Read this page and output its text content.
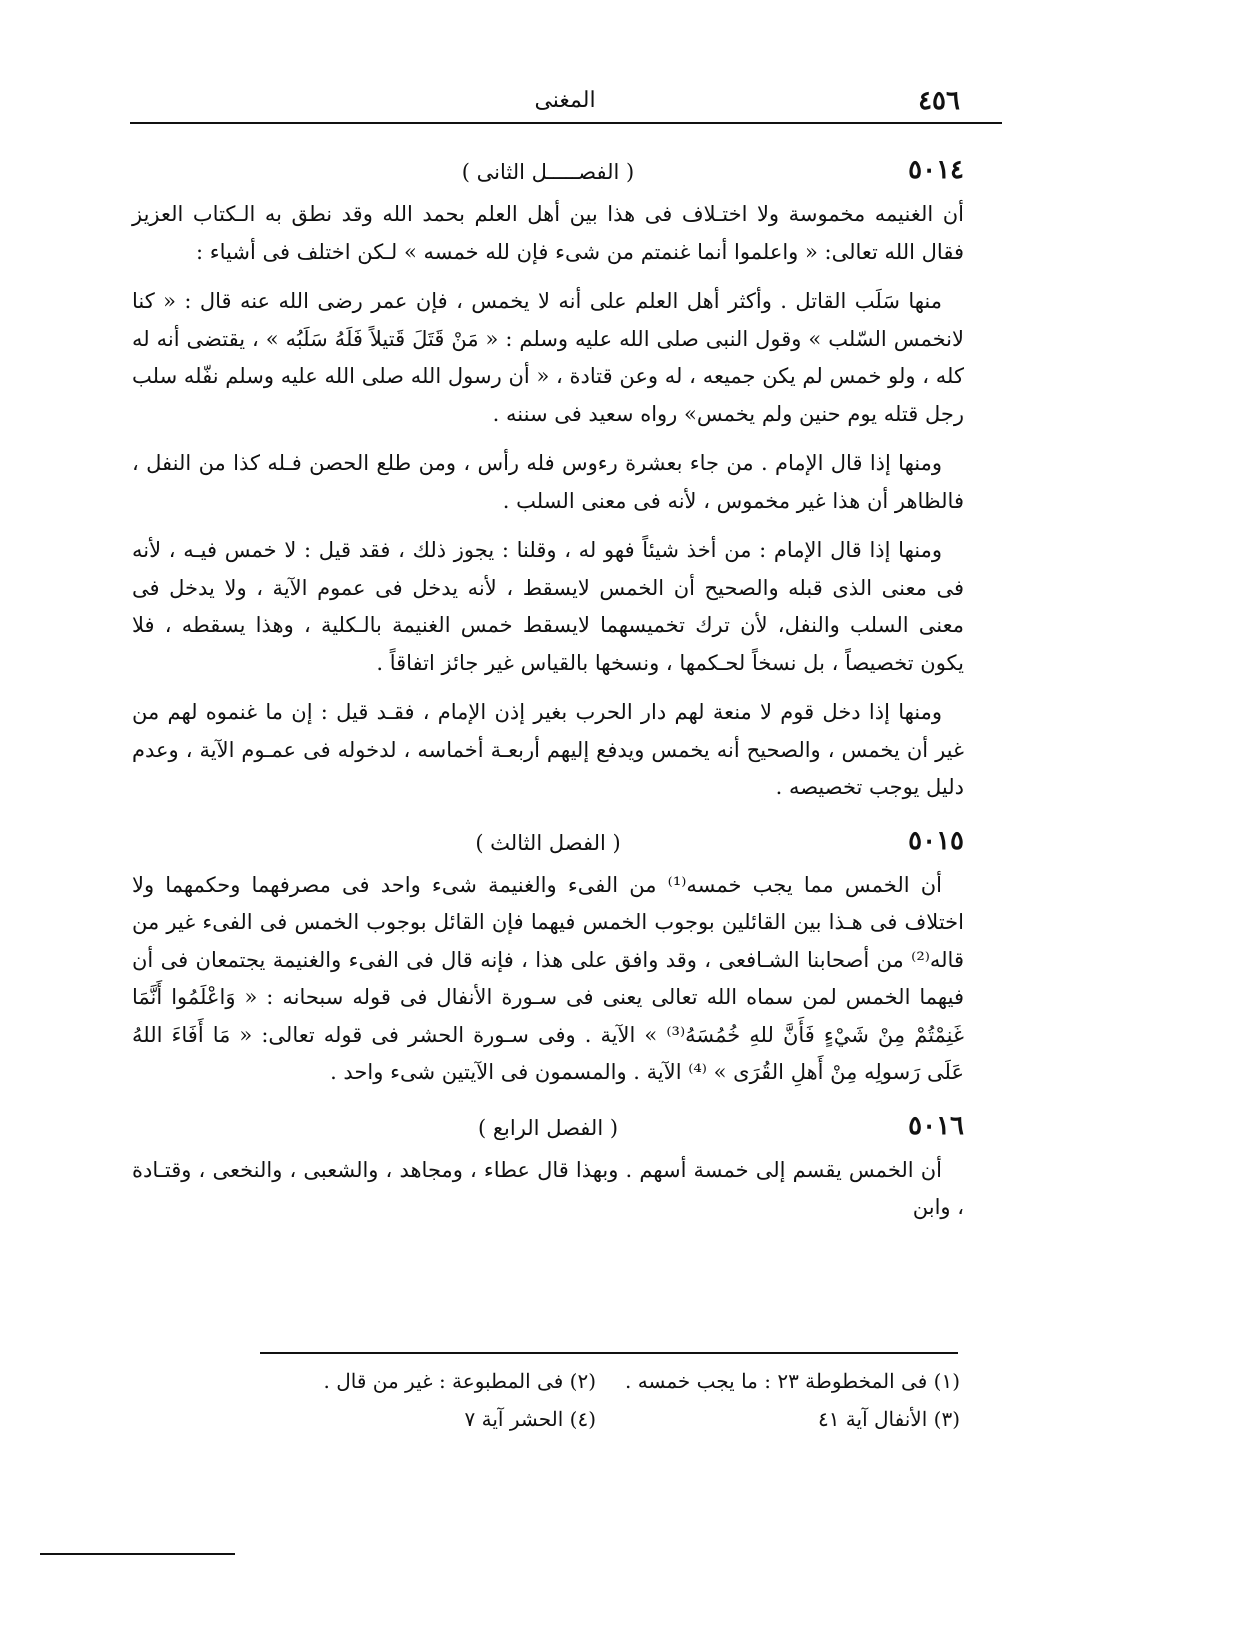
٤٥٦
المغنى
٥٠١٤
( الفصـــــل الثانى )

أن الغنيمه مخموسة ولا اختـلاف فى هذا بين أهل العلم بحمد الله وقد نطق به الـكتاب العزيز فقال الله تعالى: « واعلموا أنما غنمتم من شىء فإن لله خمسه » لـكن اختلف فى أشياء :

منها سَلَب القاتل . وأكثر أهل العلم على أنه لا يخمس ، فإن عمر رضى الله عنه قال : « كنا لانخمس السّلب » وقول النبى صلى الله عليه وسلم : « مَنْ قَتَلَ قَتيلاً فَلَهُ سَلَبُه » ، يقتضى أنه له كله ، ولو خمس لم يكن جميعه ، له وعن قتادة ، « أن رسول الله صلى الله عليه وسلم نفّله سلب رجل قتله يوم حنين ولم يخمس» رواه سعيد فى سننه .

ومنها إذا قال الإمام . من جاء بعشرة رءوس فله رأس ، ومن طلع الحصن فـله كذا من النفل ، فالظاهر أن هذا غير مخموس ، لأنه فى معنى السلب .

ومنها إذا قال الإمام : من أخذ شيئاً فهو له ، وقلنا : يجوز ذلك ، فقد قيل : لا خمس فيـه ، لأنه فى معنى الذى قبله والصحيح أن الخمس لايسقط ، لأنه يدخل فى عموم الآية ، ولا يدخل فى معنى السلب والنفل، لأن ترك تخميسهما لايسقط خمس الغنيمة بالـكلية ، وهذا يسقطه ، فلا يكون تخصيصاً ، بل نسخاً لحـكمها ، ونسخها بالقياس غير جائز اتفاقاً .

ومنها إذا دخل قوم لا منعة لهم دار الحرب بغير إذن الإمام ، فقـد قيل : إن ما غنموه لهم من غير أن يخمس ، والصحيح أنه يخمس ويدفع إليهم أربعـة أخماسه ، لدخوله فى عمـوم الآية ، وعدم دليل يوجب تخصيصه .

٥٠١٥
( الفصل الثالث )

أن الخمس مما يجب خمسه⁽¹⁾ من الفىء والغنيمة شىء واحد فى مصرفهما وحكمهما ولا اختلاف فى هـذا بين القائلين بوجوب الخمس فيهما فإن القائل بوجوب الخمس فى الفىء غير من قاله⁽²⁾ من أصحابنا الشـافعى ، وقد وافق على هذا ، فإنه قال فى الفىء والغنيمة يجتمعان فى أن فيهما الخمس لمن سماه الله تعالى يعنى فى سـورة الأنفال فى قوله سبحانه : « وَاعْلَمُوا أَنَّمَا غَنِمْتُمْ مِنْ شَيْءٍ فَأَنَّ للهِ خُمُسَهُ⁽³⁾ » الآية . وفى سـورة الحشر فى قوله تعالى: « مَا أَفَاءَ اللهُ عَلَى رَسولِه مِنْ أَهلِ القُرَى » ⁽⁴⁾ الآية . والمسمون فى الآيتين شىء واحد .

٥٠١٦
( الفصل الرابع )

أن الخمس يقسم إلى خمسة أسهم . وبهذا قال عطاء ، ومجاهد ، والشعبى ، والنخعى ، وقتـادة ، وابن

(١) فى المخطوطة ٢٣ : ما يجب خمسه .
(٢) فى المطبوعة : غير من قال .
(٣) الأنفال آية ٤١
(٤) الحشر آية ٧
